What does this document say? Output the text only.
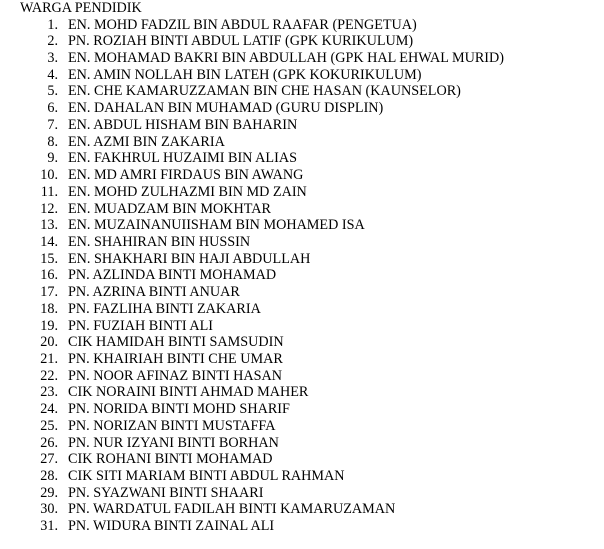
WARGA PENDIDIK
1. EN. MOHD FADZIL BIN ABDUL RAAFAR (PENGETUA)
2. PN. ROZIAH BINTI ABDUL LATIF (GPK KURIKULUM)
3. EN. MOHAMAD BAKRI BIN ABDULLAH (GPK HAL EHWAL MURID)
4. EN. AMIN NOLLAH BIN LATEH (GPK KOKURIKULUM)
5. EN. CHE KAMARUZZAMAN BIN CHE HASAN (KAUNSELOR)
6. EN. DAHALAN BIN MUHAMAD (GURU DISPLIN)
7. EN. ABDUL HISHAM BIN BAHARIN
8. EN. AZMI BIN ZAKARIA
9. EN. FAKHRUL HUZAIMI BIN ALIAS
10. EN. MD AMRI FIRDAUS BIN AWANG
11. EN. MOHD ZULHAZMI BIN MD ZAIN
12. EN. MUADZAM BIN MOKHTAR
13. EN. MUZAINANUIISHAM BIN MOHAMED ISA
14. EN. SHAHIRAN BIN HUSSIN
15. EN. SHAKHARI BIN HAJI ABDULLAH
16. PN. AZLINDA BINTI MOHAMAD
17. PN. AZRINA BINTI ANUAR
18. PN. FAZLIHA BINTI ZAKARIA
19. PN. FUZIAH BINTI ALI
20. CIK HAMIDAH BINTI SAMSUDIN
21. PN. KHAIRIAH BINTI CHE UMAR
22. PN. NOOR AFINAZ BINTI HASAN
23. CIK NORAINI BINTI AHMAD MAHER
24. PN. NORIDA BINTI MOHD SHARIF
25. PN. NORIZAN BINTI MUSTAFFA
26. PN. NUR IZYANI BINTI BORHAN
27. CIK ROHANI BINTI MOHAMAD
28. CIK SITI MARIAM BINTI ABDUL RAHMAN
29. PN. SYAZWANI BINTI SHAARI
30. PN. WARDATUL FADILAH BINTI KAMARUZAMAN
31. PN. WIDURA BINTI ZAINAL ALI
